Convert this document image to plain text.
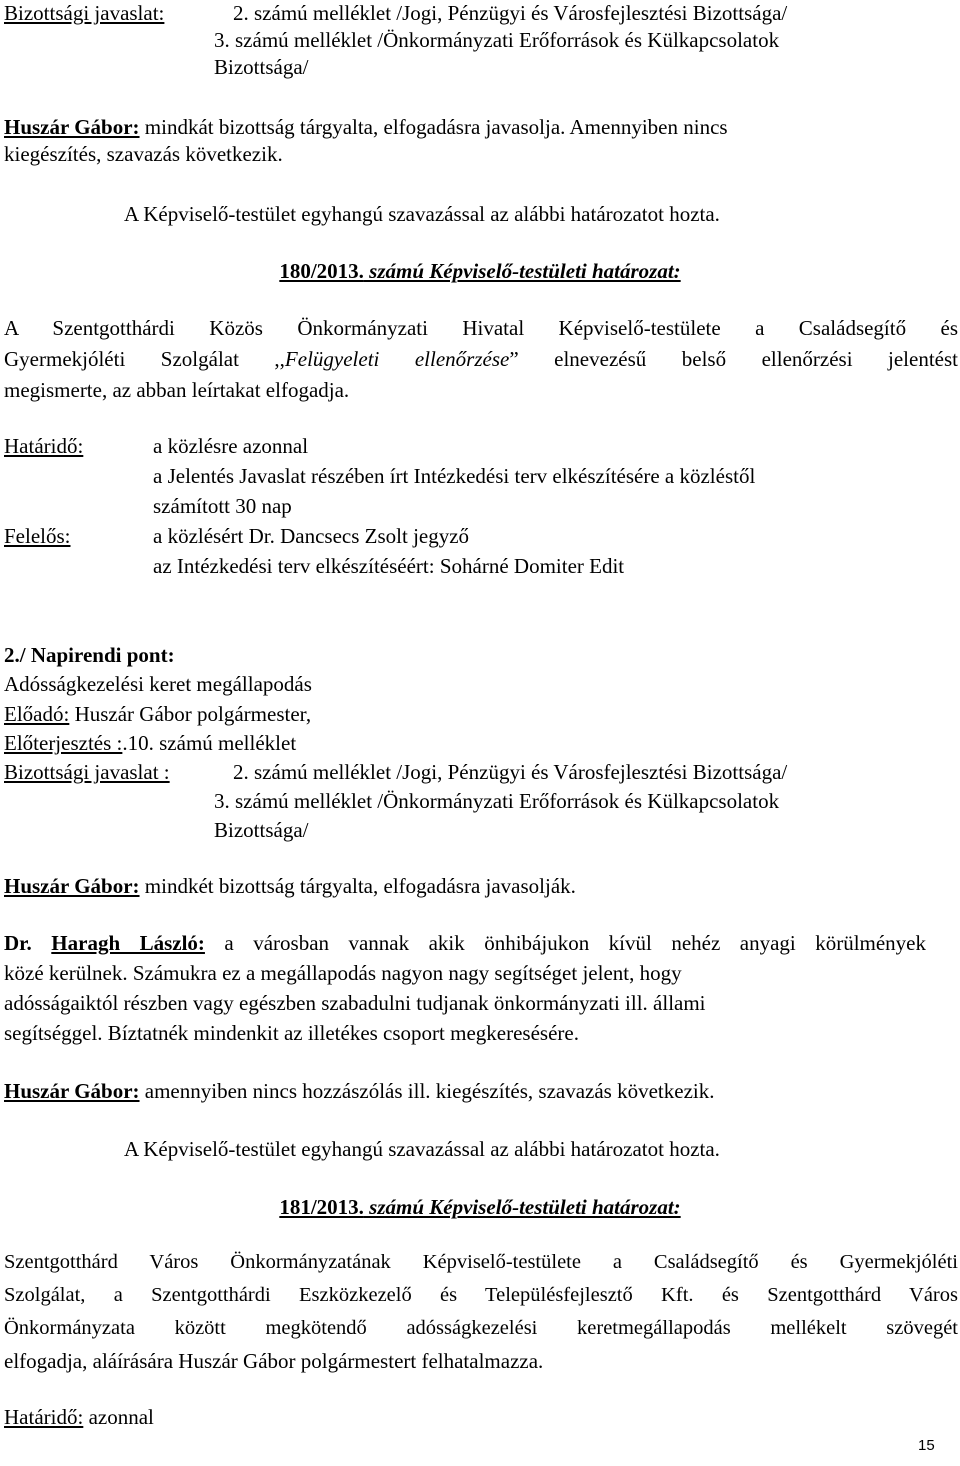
Bizottsági javaslat:	2. számú melléklet /Jogi, Pénzügyi és Városfejlesztési Bizottsága/
3. számú melléklet /Önkormányzati Erőforrások és Külkapcsolatok
Bizottsága/
Huszár Gábor: mindkát bizottság tárgyalta, elfogadásra javasolja. Amennyiben nincs
kiegészítés, szavazás következik.
A Képviselő-testület egyhangú szavazással az alábbi határozatot hozta.
180/2013. számú Képviselő-testületi határozat:
A Szentgotthárdi Közös Önkormányzati Hivatal Képviselő-testülete a Családsegítő és
Gyermekjóléti Szolgálat ,,Felügyeleti ellenőrzése” elnevezésű belső ellenőrzési jelentést
megismerte, az abban leírtakat elfogadja.
Határidő:	a közlésre azonnal
a Jelentés Javaslat részében írt Intézkedési terv elkészítésére a közléstől
számított 30 nap
Felelős:	a közlésért Dr. Dancsecs Zsolt jegyző
az Intézkedési terv elkészítéséért: Sohárné Domiter Edit
2./ Napirendi pont:
Adósságkezelési keret megállapodás
Előadó: Huszár Gábor polgármester,
Előterjesztés :.10. számú melléklet
Bizottsági javaslat :	2. számú melléklet /Jogi, Pénzügyi és Városfejlesztési Bizottsága/
3. számú melléklet /Önkormányzati Erőforrások és Külkapcsolatok
Bizottsága/
Huszár Gábor: mindkét bizottság tárgyalta, elfogadásra javasolják.
Dr. Haragh László: a városban vannak akik önhibájukon kívül nehéz anyagi körülmények
közé kerülnek. Számukra ez a megállapodás nagyon nagy segítséget jelent, hogy
adósságaiktól részben vagy egészben szabadulni tudjanak önkormányzati ill. állami
segítséggel. Bíztatnék mindenkit az illetékes csoport megkeresésére.
Huszár Gábor: amennyiben nincs hozzászólás ill. kiegészítés, szavazás következik.
A Képviselő-testület egyhangú szavazással az alábbi határozatot hozta.
181/2013. számú Képviselő-testületi határozat:
Szentgotthárd Város Önkormányzatának Képviselő-testülete a Családsegítő és Gyermekjóléti
Szolgálat, a Szentgotthárdi Eszközkezelő és Településfejlesztő Kft. és Szentgotthárd Város
Önkormányzata között megkötendő adósságkezelési keretmegállapodás mellékelt szövegét
elfogadja, aláírására Huszár Gábor polgármestert felhatalmazza.
Határidő: azonnal
15
